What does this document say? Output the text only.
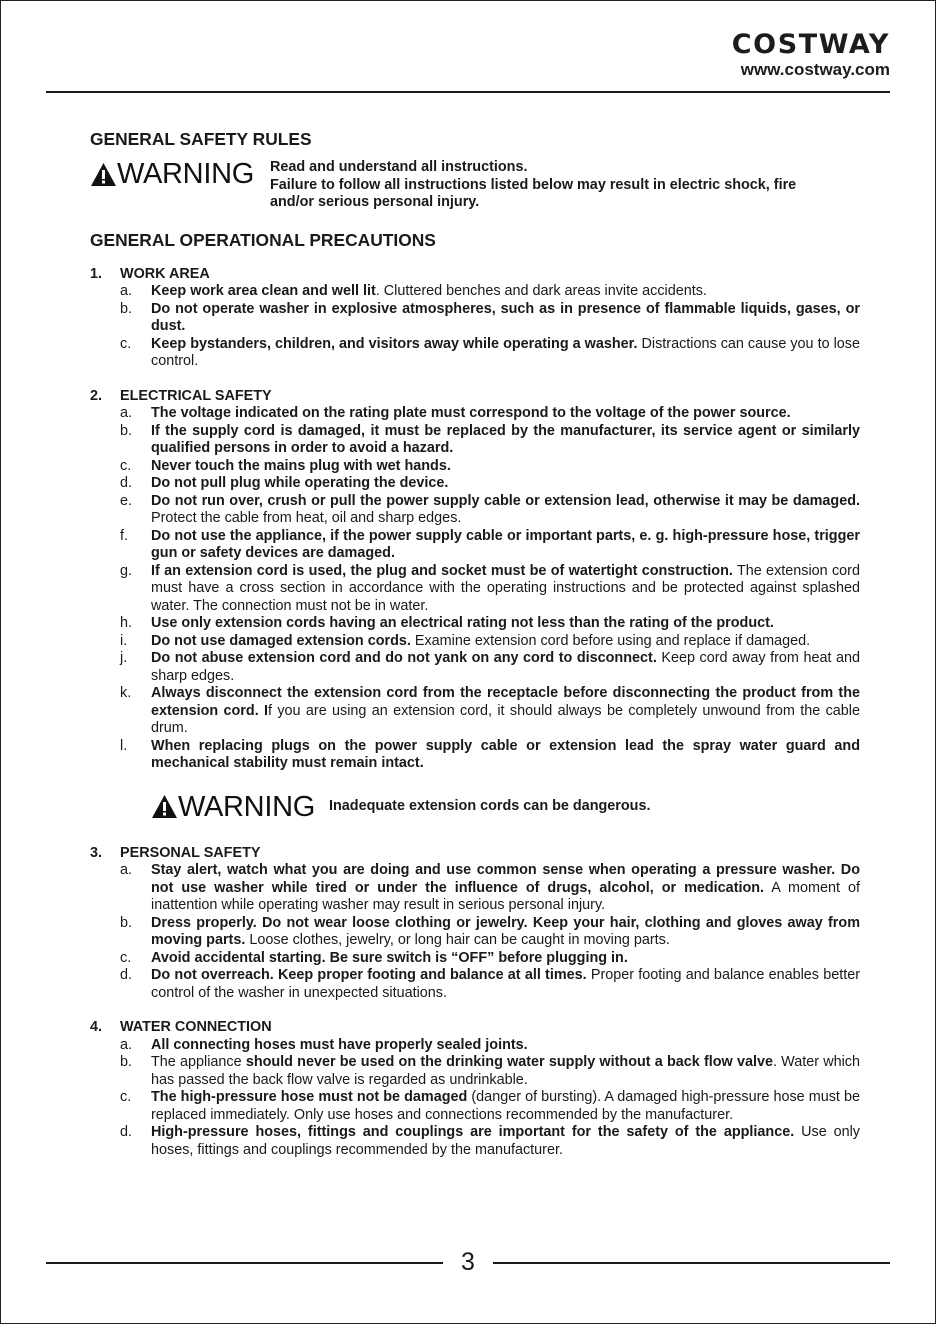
COSTWAY
www.costway.com
GENERAL SAFETY RULES
WARNING Read and understand all instructions.
Failure to follow all instructions listed below may result in electric shock, fire
and/or serious personal injury.
GENERAL OPERATIONAL PRECAUTIONS
1.	WORK AREA
a.	Keep work area clean and well lit. Cluttered benches and dark areas invite accidents.
b.	Do not operate washer in explosive atmospheres, such as in presence of flammable liquids, gases, or dust.
c.	Keep bystanders, children, and visitors away while operating a washer. Distractions can cause you to lose control.
2.	ELECTRICAL SAFETY
a.	The voltage indicated on the rating plate must correspond to the voltage of the power source.
b.	If the supply cord is damaged, it must be replaced by the manufacturer, its service agent or similarly qualified persons in order to avoid a hazard.
c.	Never touch the mains plug with wet hands.
d.	Do not pull plug while operating the device.
e.	Do not run over, crush or pull the power supply cable or extension lead, otherwise it may be damaged. Protect the cable from heat, oil and sharp edges.
f.	Do not use the appliance, if the power supply cable or important parts, e. g. high-pressure hose, trigger gun or safety devices are damaged.
g.	If an extension cord is used, the plug and socket must be of watertight construction. The extension cord must have a cross section in accordance with the operating instructions and be protected against splashed water. The connection must not be in water.
h.	Use only extension cords having an electrical rating not less than the rating of the product.
i.	Do not use damaged extension cords. Examine extension cord before using and replace if damaged.
j.	Do not abuse extension cord and do not yank on any cord to disconnect. Keep cord away from heat and sharp edges.
k.	Always disconnect the extension cord from the receptacle before disconnecting the product from the extension cord. If you are using an extension cord, it should always be completely unwound from the cable drum.
l.	When replacing plugs on the power supply cable or extension lead the spray water guard and mechanical stability must remain intact.
WARNING Inadequate extension cords can be dangerous.
3.	PERSONAL SAFETY
a.	Stay alert, watch what you are doing and use common sense when operating a pressure washer. Do not use washer while tired or under the influence of drugs, alcohol, or medication. A moment of inattention while operating washer may result in serious personal injury.
b.	Dress properly. Do not wear loose clothing or jewelry. Keep your hair, clothing and gloves away from moving parts. Loose clothes, jewelry, or long hair can be caught in moving parts.
c.	Avoid accidental starting. Be sure switch is “OFF” before plugging in.
d.	Do not overreach. Keep proper footing and balance at all times. Proper footing and balance enables better control of the washer in unexpected situations.
4.	WATER CONNECTION
a.	All connecting hoses must have properly sealed joints.
b.	The appliance should never be used on the drinking water supply without a back flow valve. Water which has passed the back flow valve is regarded as undrinkable.
c.	The high-pressure hose must not be damaged (danger of bursting). A damaged high-pressure hose must be replaced immediately. Only use hoses and connections recommended by the manufacturer.
d.	High-pressure hoses, fittings and couplings are important for the safety of the appliance. Use only hoses, fittings and couplings recommended by the manufacturer.
3
